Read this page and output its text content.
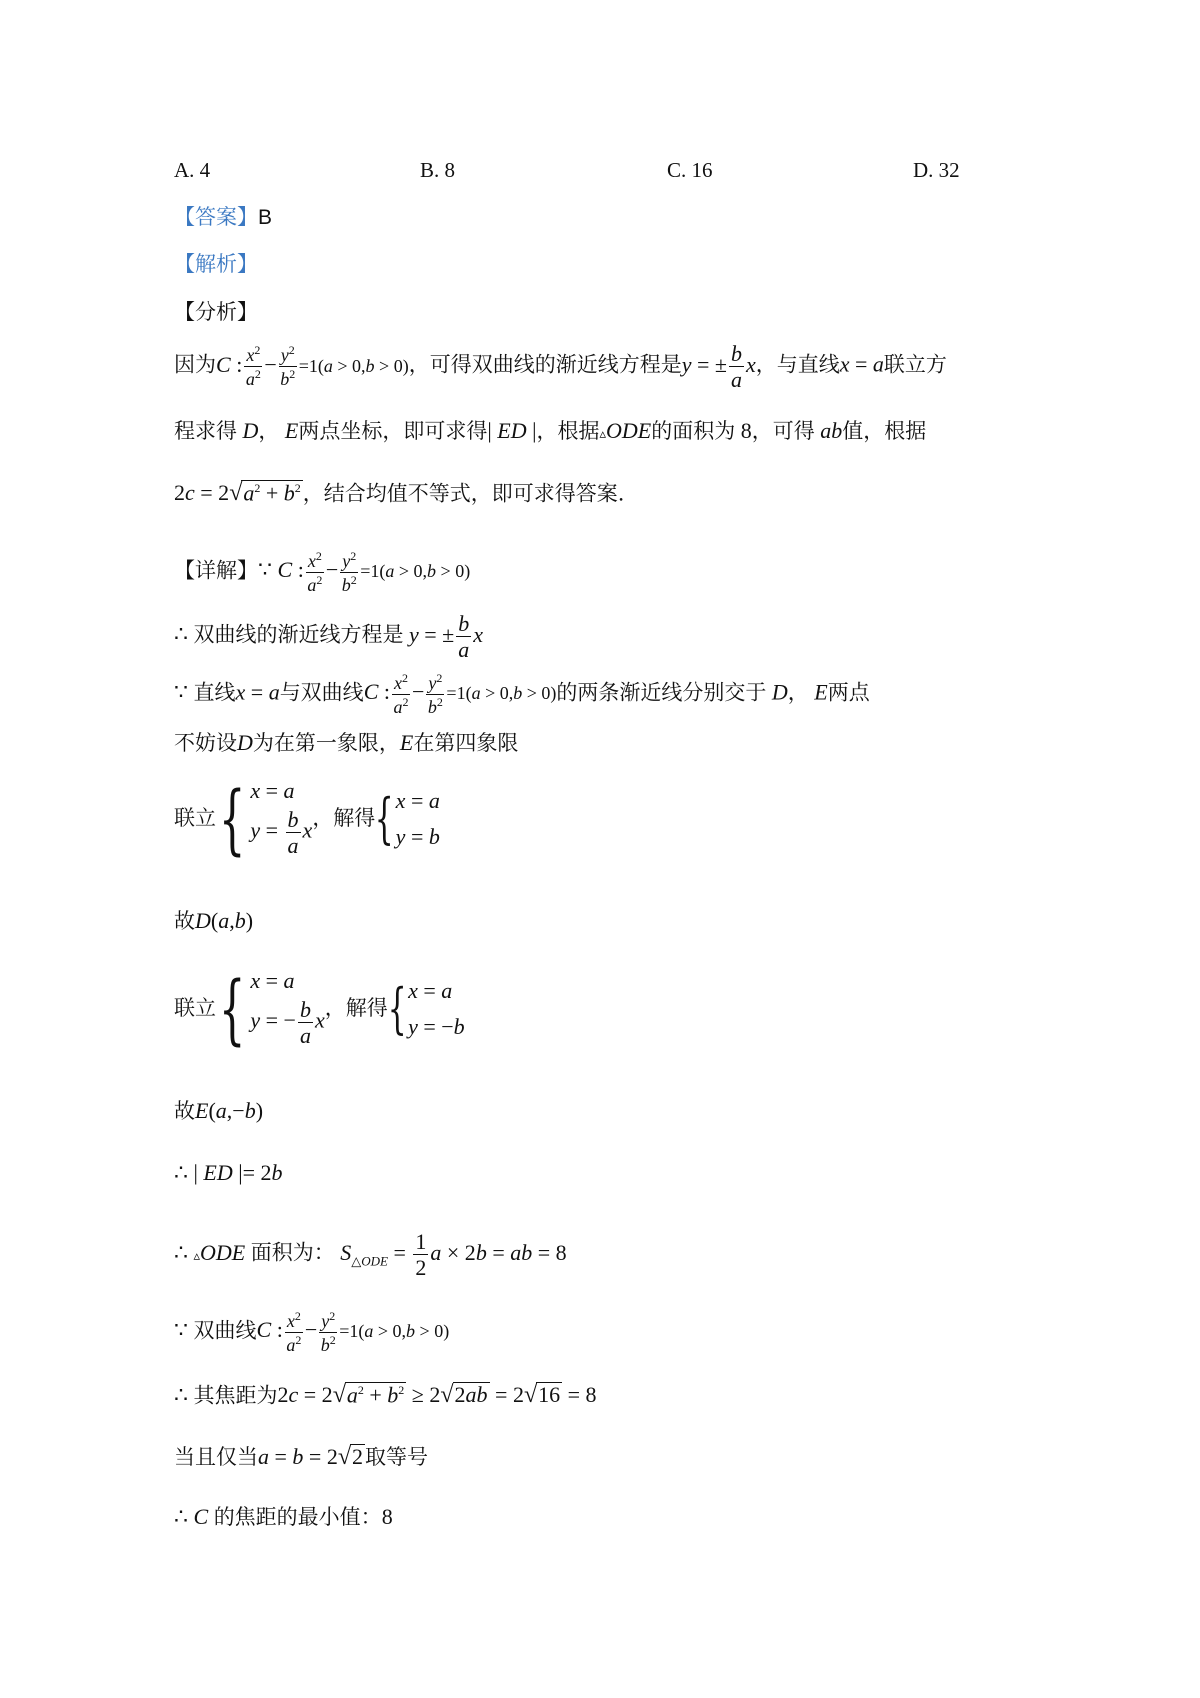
A. 4	B. 8	C. 16	D. 32
【答案】B
【解析】
【分析】
因为C : $\frac{x^2}{a^2} - \frac{y^2}{b^2} =1(a > 0,b > 0)$，可得双曲线的渐近线方程是y = ± $\frac{b}{a}$ x，与直线x = a联立方
程求得 D， E两点坐标，即可求得| ED |，根据▵ODE的面积为 8，可得 ab值，根据
$2c = 2√a^2 + b^2$，结合均值不等式，即可求得答案.
【详解】∵ C : $\frac{x^2}{a^2} - \frac{y^2}{b^2} =1(a > 0,b > 0)$
∴ 双曲线的渐近线方程是 y = ± $\frac{b}{a}$ x
∵ 直线x = a与双曲线C : $\frac{x^2}{a^2} - \frac{y^2}{b^2} =1(a > 0,b > 0)$的两条渐近线分别交于 D， E两点
不妨设D为在第一象限，E在第四象限
联立 { x = a
$y = \frac{b}{a}$ x ，解得 { x = a
y = b
故D(a,b)
联立 { x = a
y = − $\frac{b}{a}$ x ，解得 { x = a
y = −b
故E(a,−b)
∴ | ED |= 2b
∴ ▵ODE 面积为： $S_{\triangle ODE} = \frac{1}{2}$ a × 2b = ab = 8
∵ 双曲线C : $\frac{x^2}{a^2} - \frac{y^2}{b^2} =1(a > 0,b > 0)$
∴ 其焦距为$2c = 2√a^2 + b^2 \ge 2√2ab = 2√16 = 8$
当且仅当a = b = 2√2取等号
∴ C 的焦距的最小值：8
